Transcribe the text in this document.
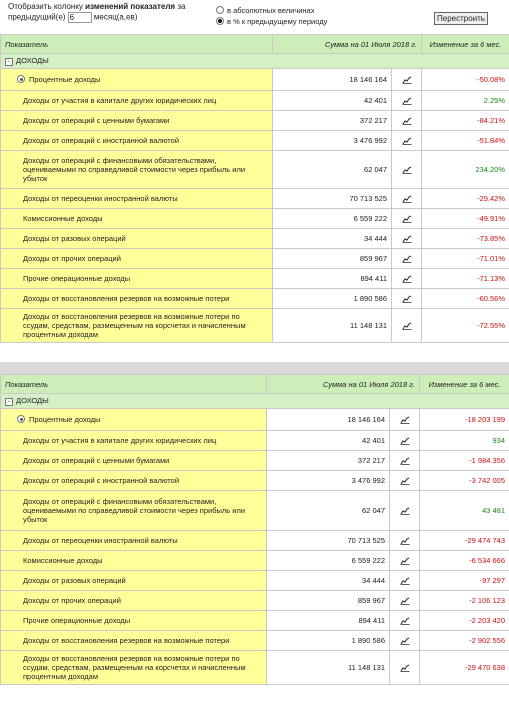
Отобразить колонку изменений показателя за предыдущий(е) 6 месяц(а,ев)
в абсолютных величинах
в % к предыдущему периоду	Перестроить
Показатель	Сумма на 01 Июля 2018 г.		Изменение за 6 мес.
− ДОХОДЫ			
Процентные доходы	18 146 164		-50.08%
Доходы от участия в капитале других юридических лиц	42 401		2.25%
Доходы от операций с ценными бумагами	372 217		-84.21%
Доходы от операций с иностранной валютой	3 476 992		-51.84%
Доходы от операций с финансовыми обязательствами, оцениваемыми по справедливой стоимости через прибыль или убыток	62 047		234.20%
Доходы от переоценки иностранной валюты	70 713 525		-29.42%
Комиссионные доходы	6 559 222		-49.91%
Доходы от разовых операций	34 444		-73.85%
Доходы от прочих операций	859 967		-71.01%
Прочие операционные доходы	894 411		-71.13%
Доходы от восстановления резервов на возможные потери	1 890 586		-60.56%
Доходы от восстановления резервов на возможные потери по ссудам, средствам, размещенным на корсчетах и начисленным процентным доходам	11 148 131		-72.55%
Показатель	Сумма на 01 Июля 2018 г.		Изменение за 6 мес.
− ДОХОДЫ			
Процентные доходы	18 146 164		-18 203 199
Доходы от участия в капитале других юридических лиц	42 401		934
Доходы от операций с ценными бумагами	372 217		-1 984 356
Доходы от операций с иностранной валютой	3 476 992		-3 742 005
Доходы от операций с финансовыми обязательствами, оцениваемыми по справедливой стоимости через прибыль или убыток	62 047		43 481
Доходы от переоценки иностранной валюты	70 713 525		-29 474 743
Комиссионные доходы	6 559 222		-6 534 666
Доходы от разовых операций	34 444		-97 297
Доходы от прочих операций	859 967		-2 106 123
Прочие операционные доходы	894 411		-2 203 420
Доходы от восстановления резервов на возможные потери	1 890 586		-2 902 556
Доходы от восстановления резервов на возможные потери по ссудам, средствам, размещенным на корсчетах и начисленным процентным доходам	11 148 131		-29 470 638
